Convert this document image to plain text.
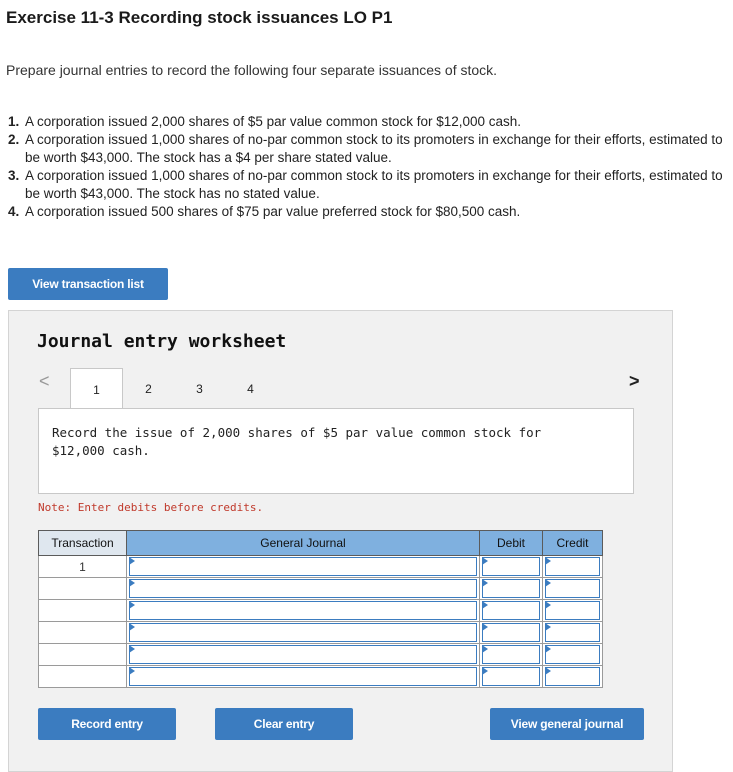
Exercise 11-3 Recording stock issuances LO P1
Prepare journal entries to record the following four separate issuances of stock.
1. A corporation issued 2,000 shares of $5 par value common stock for $12,000 cash.
2. A corporation issued 1,000 shares of no-par common stock to its promoters in exchange for their efforts, estimated to be worth $43,000. The stock has a $4 per share stated value.
3. A corporation issued 1,000 shares of no-par common stock to its promoters in exchange for their efforts, estimated to be worth $43,000. The stock has no stated value.
4. A corporation issued 500 shares of $75 par value preferred stock for $80,500 cash.
View transaction list
Journal entry worksheet
<	1	2	3	4	>
Record the issue of 2,000 shares of $5 par value common stock for $12,000 cash.
Note: Enter debits before credits.
Transaction	General Journal	Debit	Credit
1	

Record entry	Clear entry	View general journal
